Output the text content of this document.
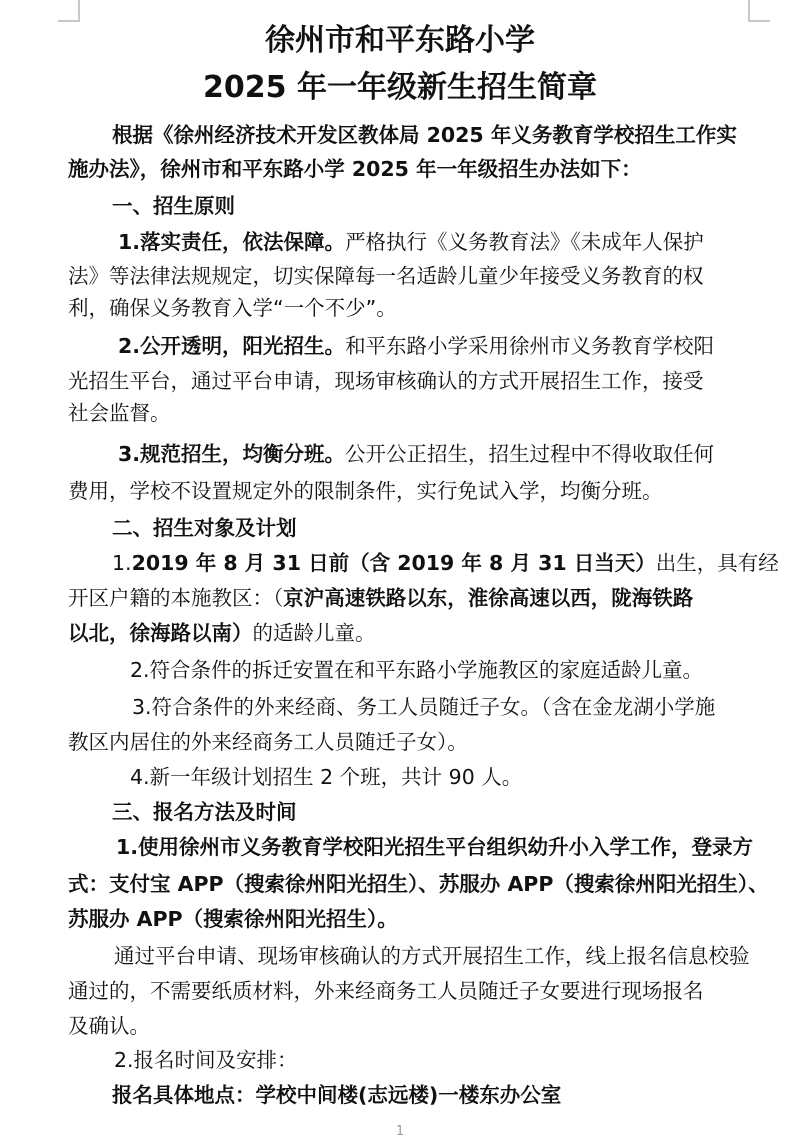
徐州市和平东路小学
2025 年一年级新生招生简章
根据《徐州经济技术开发区教体局 2025 年义务教育学校招生工作实
施办法》，徐州市和平东路小学 2025 年一年级招生办法如下：
一、招生原则
1.落实责任，依法保障。严格执行《义务教育法》《未成年人保护
法》等法律法规规定，切实保障每一名适龄儿童少年接受义务教育的权
利，确保义务教育入学“一个不少”。
2.公开透明，阳光招生。和平东路小学采用徐州市义务教育学校阳
光招生平台，通过平台申请，现场审核确认的方式开展招生工作，接受
社会监督。
3.规范招生，均衡分班。公开公正招生，招生过程中不得收取任何
费用，学校不设置规定外的限制条件，实行免试入学，均衡分班。
二、招生对象及计划
1.2019 年 8 月 31 日前（含 2019 年 8 月 31 日当天）出生，具有经
开区户籍的本施教区：（京沪高速铁路以东，淮徐高速以西，陇海铁路
以北，徐海路以南）的适龄儿童。
2.符合条件的拆迁安置在和平东路小学施教区的家庭适龄儿童。
3.符合条件的外来经商、务工人员随迁子女。（含在金龙湖小学施
教区内居住的外来经商务工人员随迁子女）。
4.新一年级计划招生 2 个班，共计 90 人。
三、报名方法及时间
1.使用徐州市义务教育学校阳光招生平台组织幼升小入学工作，登录方
式：支付宝 APP（搜索徐州阳光招生）、苏服办 APP（搜索徐州阳光招生）、
苏服办 APP（搜索徐州阳光招生）。
通过平台申请、现场审核确认的方式开展招生工作，线上报名信息校验
通过的，不需要纸质材料，外来经商务工人员随迁子女要进行现场报名
及确认。
2.报名时间及安排：
报名具体地点：学校中间楼(志远楼)一楼东办公室
1
